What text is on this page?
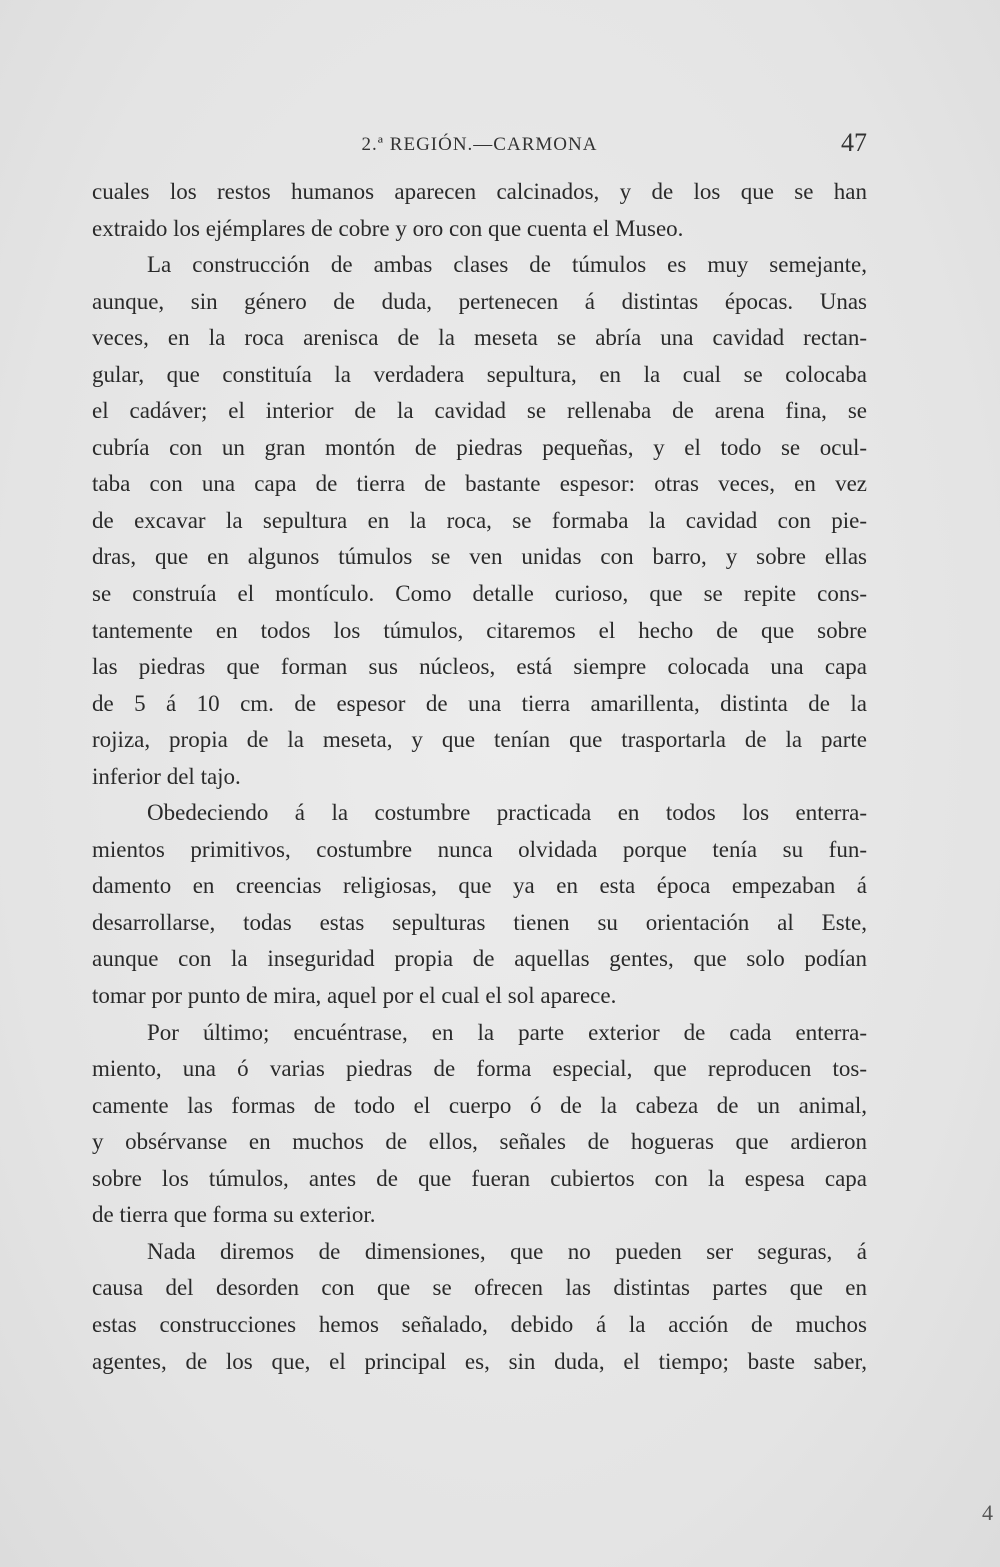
2.ª REGIÓN.—CARMONA	47
cuales los restos humanos aparecen calcinados, y de los que se han
extraido los ejémplares de cobre y oro con que cuenta el Museo.
La construcción de ambas clases de túmulos es muy semejante,
aunque, sin género de duda, pertenecen á distintas épocas. Unas
veces, en la roca arenisca de la meseta se abría una cavidad rectan-
gular, que constituía la verdadera sepultura, en la cual se colocaba
el cadáver; el interior de la cavidad se rellenaba de arena fina, se
cubría con un gran montón de piedras pequeñas, y el todo se ocul-
taba con una capa de tierra de bastante espesor: otras veces, en vez
de excavar la sepultura en la roca, se formaba la cavidad con pie-
dras, que en algunos túmulos se ven unidas con barro, y sobre ellas
se construía el montículo. Como detalle curioso, que se repite cons-
tantemente en todos los túmulos, citaremos el hecho de que sobre
las piedras que forman sus núcleos, está siempre colocada una capa
de 5 á 10 cm. de espesor de una tierra amarillenta, distinta de la
rojiza, propia de la meseta, y que tenían que trasportarla de la parte
inferior del tajo.
Obedeciendo á la costumbre practicada en todos los enterra-
mientos primitivos, costumbre nunca olvidada porque tenía su fun-
damento en creencias religiosas, que ya en esta época empezaban á
desarrollarse, todas estas sepulturas tienen su orientación al Este,
aunque con la inseguridad propia de aquellas gentes, que solo podían
tomar por punto de mira, aquel por el cual el sol aparece.
Por último; encuéntrase, en la parte exterior de cada enterra-
miento, una ó varias piedras de forma especial, que reproducen tos-
camente las formas de todo el cuerpo ó de la cabeza de un animal,
y obsérvanse en muchos de ellos, señales de hogueras que ardieron
sobre los túmulos, antes de que fueran cubiertos con la espesa capa
de tierra que forma su exterior.
Nada diremos de dimensiones, que no pueden ser seguras, á
causa del desorden con que se ofrecen las distintas partes que en
estas construcciones hemos señalado, debido á la acción de muchos
agentes, de los que, el principal es, sin duda, el tiempo; baste saber,
4
